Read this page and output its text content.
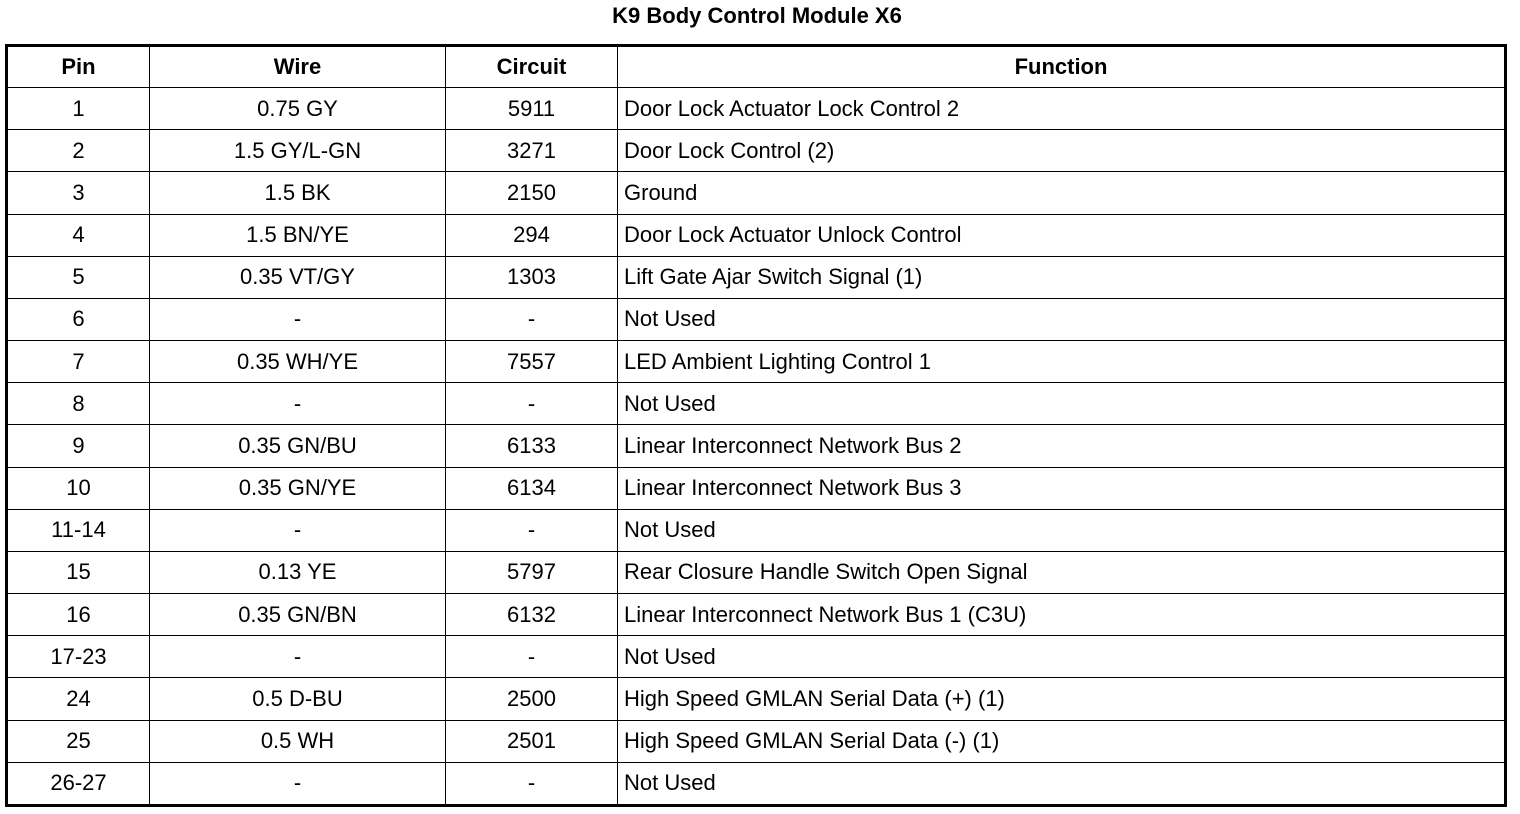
K9 Body Control Module X6
Pin	Wire	Circuit	Function
1	0.75 GY	5911	Door Lock Actuator Lock Control 2
2	1.5 GY/L-GN	3271	Door Lock Control (2)
3	1.5 BK	2150	Ground
4	1.5 BN/YE	294	Door Lock Actuator Unlock Control
5	0.35 VT/GY	1303	Lift Gate Ajar Switch Signal (1)
6	-	-	Not Used
7	0.35 WH/YE	7557	LED Ambient Lighting Control 1
8	-	-	Not Used
9	0.35 GN/BU	6133	Linear Interconnect Network Bus 2
10	0.35 GN/YE	6134	Linear Interconnect Network Bus 3
11-14	-	-	Not Used
15	0.13 YE	5797	Rear Closure Handle Switch Open Signal
16	0.35 GN/BN	6132	Linear Interconnect Network Bus 1 (C3U)
17-23	-	-	Not Used
24	0.5 D-BU	2500	High Speed GMLAN Serial Data (+) (1)
25	0.5 WH	2501	High Speed GMLAN Serial Data (-) (1)
26-27	-	-	Not Used
